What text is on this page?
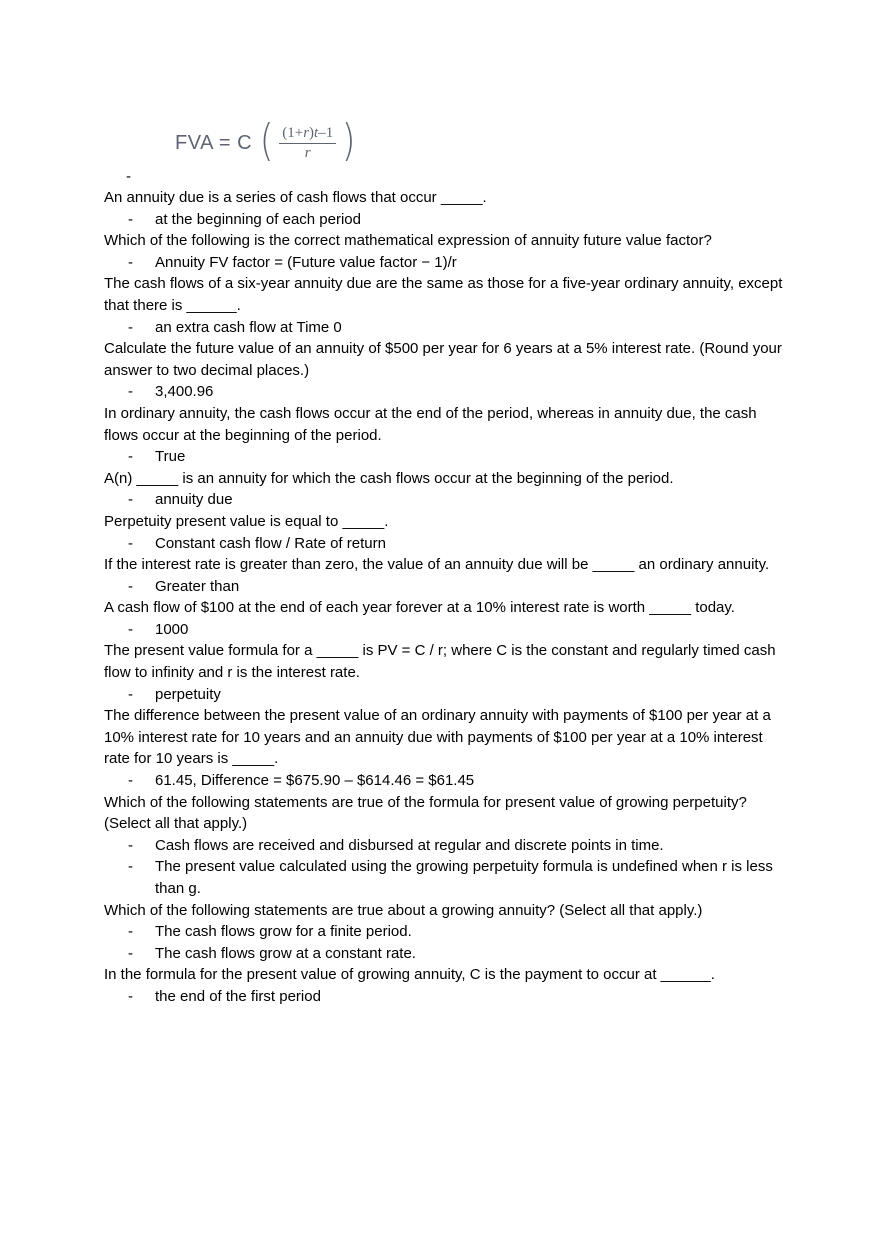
FVA = C ( $\frac{(1+r)t-1}{r}$ )
-

An annuity due is a series of cash flows that occur _____.

- at the beginning of each period

Which of the following is the correct mathematical expression of annuity future value factor?

- Annuity FV factor = (Future value factor − 1)/r

The cash flows of a six-year annuity due are the same as those for a five-year ordinary annuity, except that there is ______.

- an extra cash flow at Time 0

Calculate the future value of an annuity of $500 per year for 6 years at a 5% interest rate. (Round your answer to two decimal places.)

- 3,400.96

In ordinary annuity, the cash flows occur at the end of the period, whereas in annuity due, the cash flows occur at the beginning of the period.

- True

A(n) _____ is an annuity for which the cash flows occur at the beginning of the period.

- annuity due

Perpetuity present value is equal to _____.

- Constant cash flow / Rate of return

If the interest rate is greater than zero, the value of an annuity due will be _____ an ordinary annuity.

- Greater than

A cash flow of $100 at the end of each year forever at a 10% interest rate is worth _____ today.

- 1000

The present value formula for a _____ is PV = C / r; where C is the constant and regularly timed cash flow to infinity and r is the interest rate.

- perpetuity

The difference between the present value of an ordinary annuity with payments of $100 per year at a 10% interest rate for 10 years and an annuity due with payments of $100 per year at a 10% interest rate for 10 years is _____.

- 61.45, Difference = $675.90 – $614.46 = $61.45

Which of the following statements are true of the formula for present value of growing perpetuity? (Select all that apply.)

- Cash flows are received and disbursed at regular and discrete points in time.

- The present value calculated using the growing perpetuity formula is undefined when r is less than g.

Which of the following statements are true about a growing annuity? (Select all that apply.)

- The cash flows grow for a finite period.

- The cash flows grow at a constant rate.

In the formula for the present value of growing annuity, C is the payment to occur at ______.

- the end of the first period
